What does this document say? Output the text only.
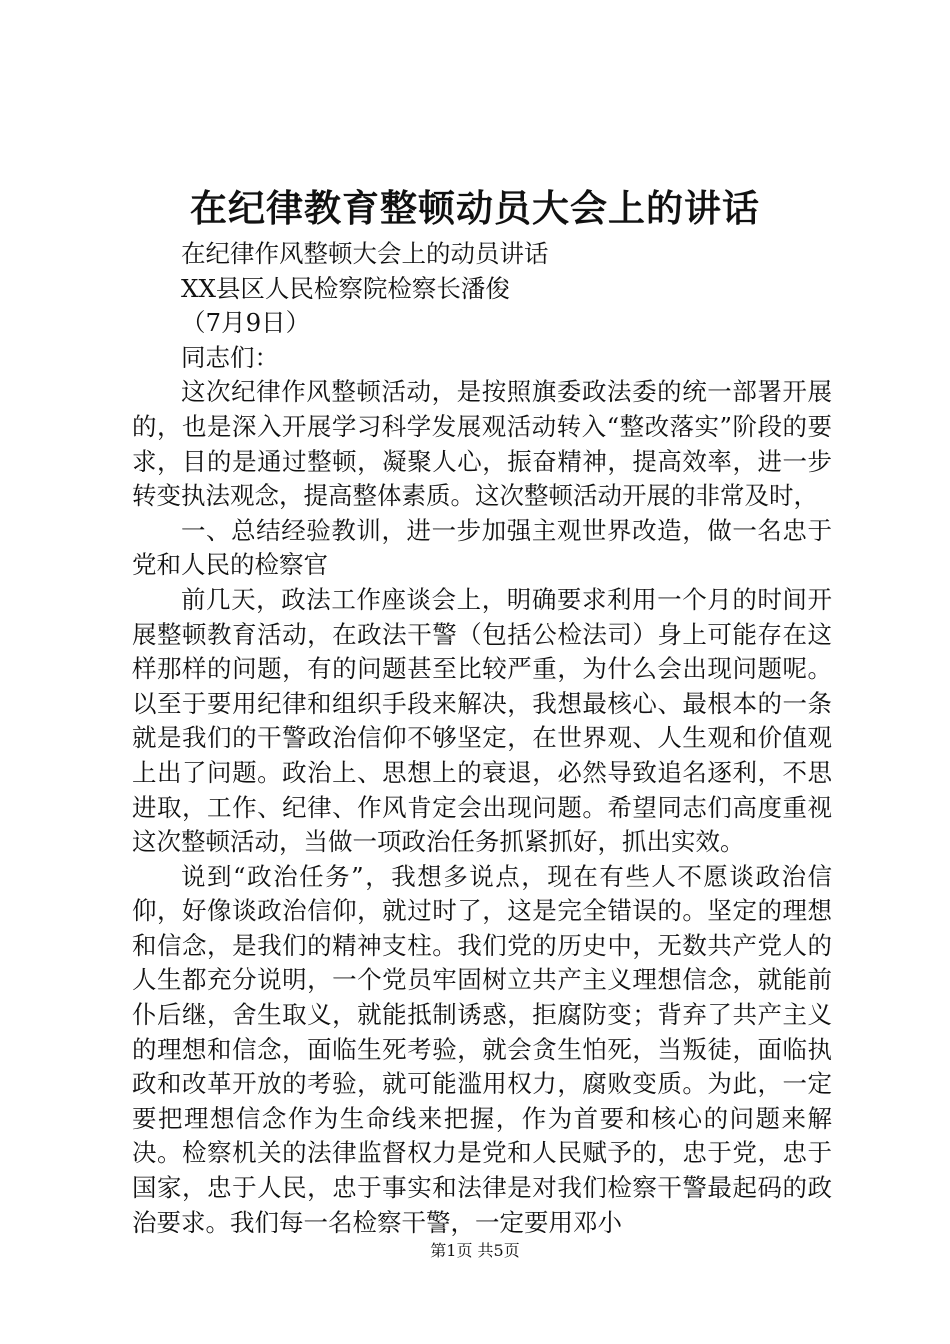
在纪律教育整顿动员大会上的讲话

在纪律作风整顿大会上的动员讲话

XX县区人民检察院检察长潘俊

（7月9日）

同志们：

这次纪律作风整顿活动，是按照旗委政法委的统一部署开展的，也是深入开展学习科学发展观活动转入“整改落实”阶段的要求，目的是通过整顿，凝聚人心，振奋精神，提高效率，进一步转变执法观念，提高整体素质。这次整顿活动开展的非常及时，

一、总结经验教训，进一步加强主观世界改造，做一名忠于党和人民的检察官

前几天，政法工作座谈会上，明确要求利用一个月的时间开展整顿教育活动，在政法干警（包括公检法司）身上可能存在这样那样的问题，有的问题甚至比较严重，为什么会出现问题呢。以至于要用纪律和组织手段来解决，我想最核心、最根本的一条就是我们的干警政治信仰不够坚定，在世界观、人生观和价值观上出了问题。政治上、思想上的衰退，必然导致追名逐利，不思进取，工作、纪律、作风肯定会出现问题。希望同志们高度重视这次整顿活动，当做一项政治任务抓紧抓好，抓出实效。

说到“政治任务”，我想多说点，现在有些人不愿谈政治信仰，好像谈政治信仰，就过时了，这是完全错误的。坚定的理想和信念，是我们的精神支柱。我们党的历史中，无数共产党人的人生都充分说明，一个党员牢固树立共产主义理想信念，就能前仆后继，舍生取义，就能抵制诱惑，拒腐防变；背弃了共产主义的理想和信念，面临生死考验，就会贪生怕死，当叛徒，面临执政和改革开放的考验，就可能滥用权力，腐败变质。为此，一定要把理想信念作为生命线来把握，作为首要和核心的问题来解决。检察机关的法律监督权力是党和人民赋予的，忠于党，忠于国家，忠于人民，忠于事实和法律是对我们检察干警最起码的政治要求。我们每一名检察干警，一定要用邓小

第1页 共5页
